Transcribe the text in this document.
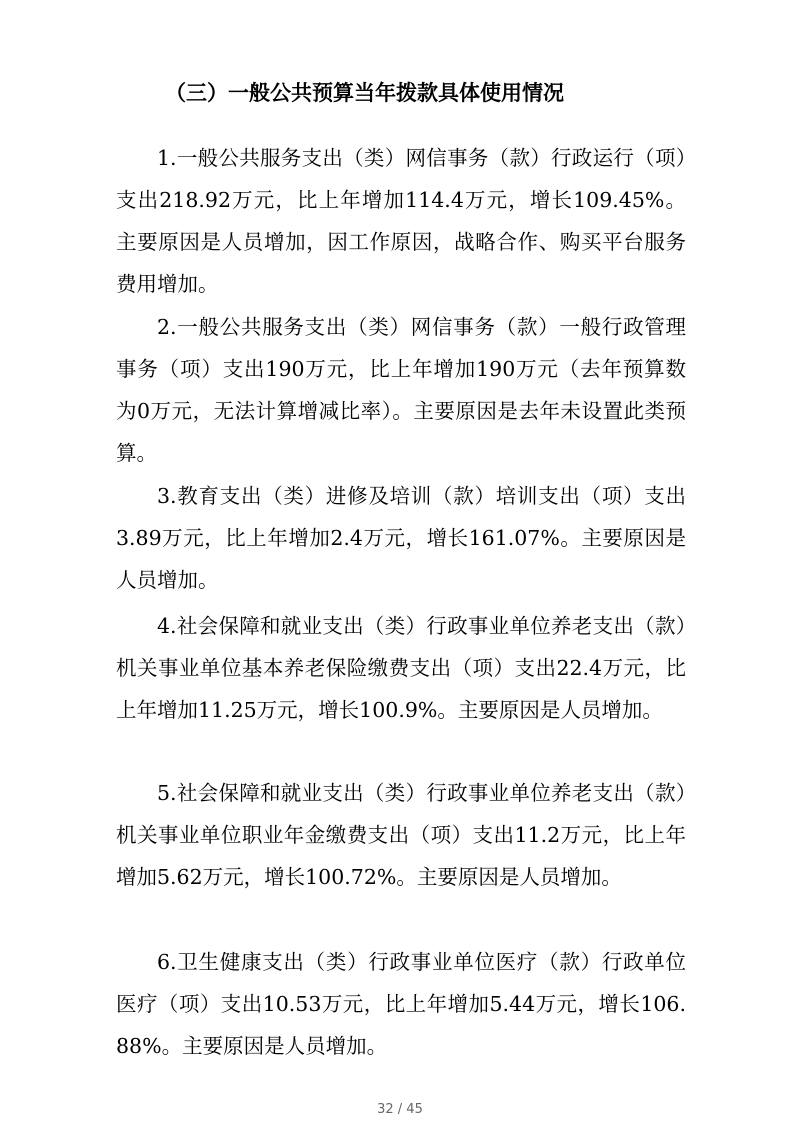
（三）一般公共预算当年拨款具体使用情况

1.一般公共服务支出（类）网信事务（款）行政运行（项）支出218.92万元，比上年增加114.4万元，增长109.45%。主要原因是人员增加，因工作原因，战略合作、购买平台服务费用增加。

2.一般公共服务支出（类）网信事务（款）一般行政管理事务（项）支出190万元，比上年增加190万元（去年预算数为0万元，无法计算增减比率）。主要原因是去年未设置此类预算。

3.教育支出（类）进修及培训（款）培训支出（项）支出3.89万元，比上年增加2.4万元，增长161.07%。主要原因是人员增加。

4.社会保障和就业支出（类）行政事业单位养老支出（款）机关事业单位基本养老保险缴费支出（项）支出22.4万元，比上年增加11.25万元，增长100.9%。主要原因是人员增加。

5.社会保障和就业支出（类）行政事业单位养老支出（款）机关事业单位职业年金缴费支出（项）支出11.2万元，比上年增加5.62万元，增长100.72%。主要原因是人员增加。

6.卫生健康支出（类）行政事业单位医疗（款）行政单位医疗（项）支出10.53万元，比上年增加5.44万元，增长106.88%。主要原因是人员增加。

32 / 45
